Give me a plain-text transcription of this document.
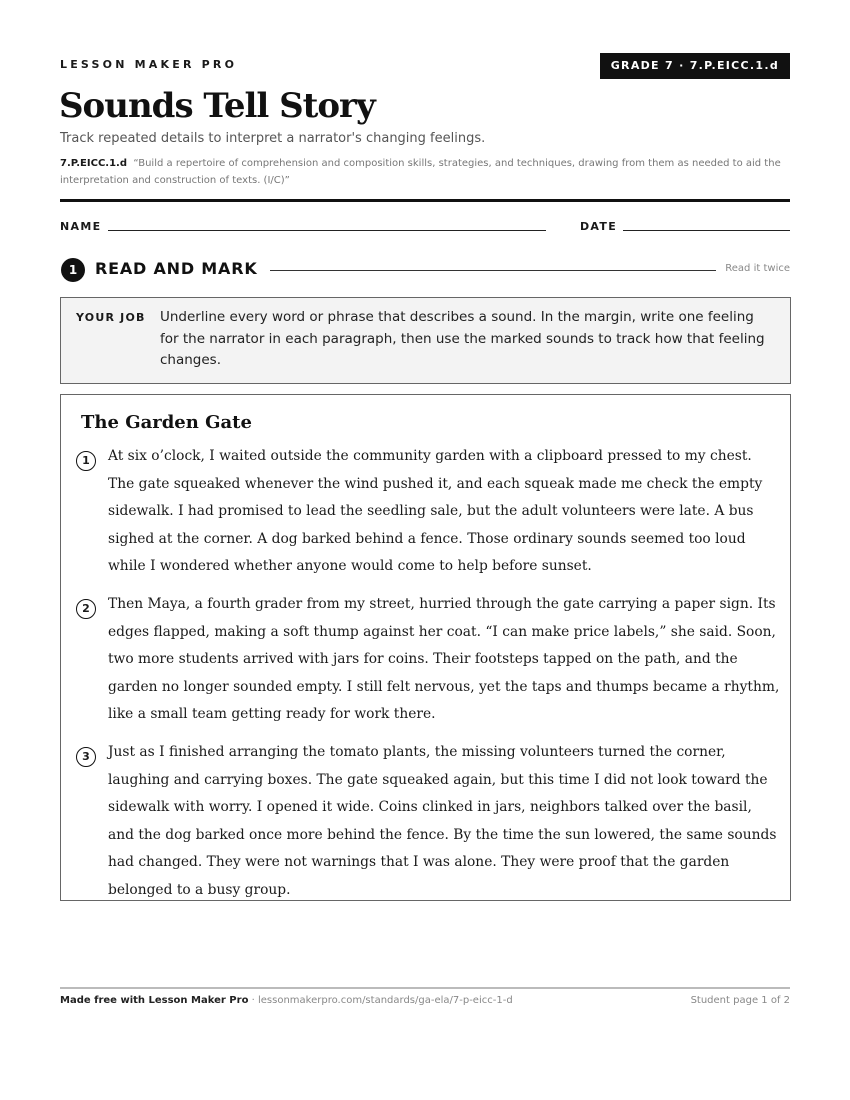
LESSON MAKER PRO	GRADE 7 · 7.P.EICC.1.d
Sounds Tell Story
Track repeated details to interpret a narrator's changing feelings.
7.P.EICC.1.d “Build a repertoire of comprehension and composition skills, strategies, and techniques, drawing from them as needed to aid the interpretation and construction of texts. (I/C)”
NAME	DATE
1	READ AND MARK	Read it twice
YOUR JOB Underline every word or phrase that describes a sound. In the margin, write one feeling for the narrator in each paragraph, then use the marked sounds to track how that feeling changes.
The Garden Gate
1	At six o’clock, I waited outside the community garden with a clipboard pressed to my chest. The gate squeaked whenever the wind pushed it, and each squeak made me check the empty sidewalk. I had promised to lead the seedling sale, but the adult volunteers were late. A bus sighed at the corner. A dog barked behind a fence. Those ordinary sounds seemed too loud while I wondered whether anyone would come to help before sunset.
2	Then Maya, a fourth grader from my street, hurried through the gate carrying a paper sign. Its edges flapped, making a soft thump against her coat. “I can make price labels,” she said. Soon, two more students arrived with jars for coins. Their footsteps tapped on the path, and the garden no longer sounded empty. I still felt nervous, yet the taps and thumps became a rhythm, like a small team getting ready for work there.
3	Just as I finished arranging the tomato plants, the missing volunteers turned the corner, laughing and carrying boxes. The gate squeaked again, but this time I did not look toward the sidewalk with worry. I opened it wide. Coins clinked in jars, neighbors talked over the basil, and the dog barked once more behind the fence. By the time the sun lowered, the same sounds had changed. They were not warnings that I was alone. They were proof that the garden belonged to a busy group.
Made free with Lesson Maker Pro · lessonmakerpro.com/standards/ga-ela/7-p-eicc-1-d	Student page 1 of 2
